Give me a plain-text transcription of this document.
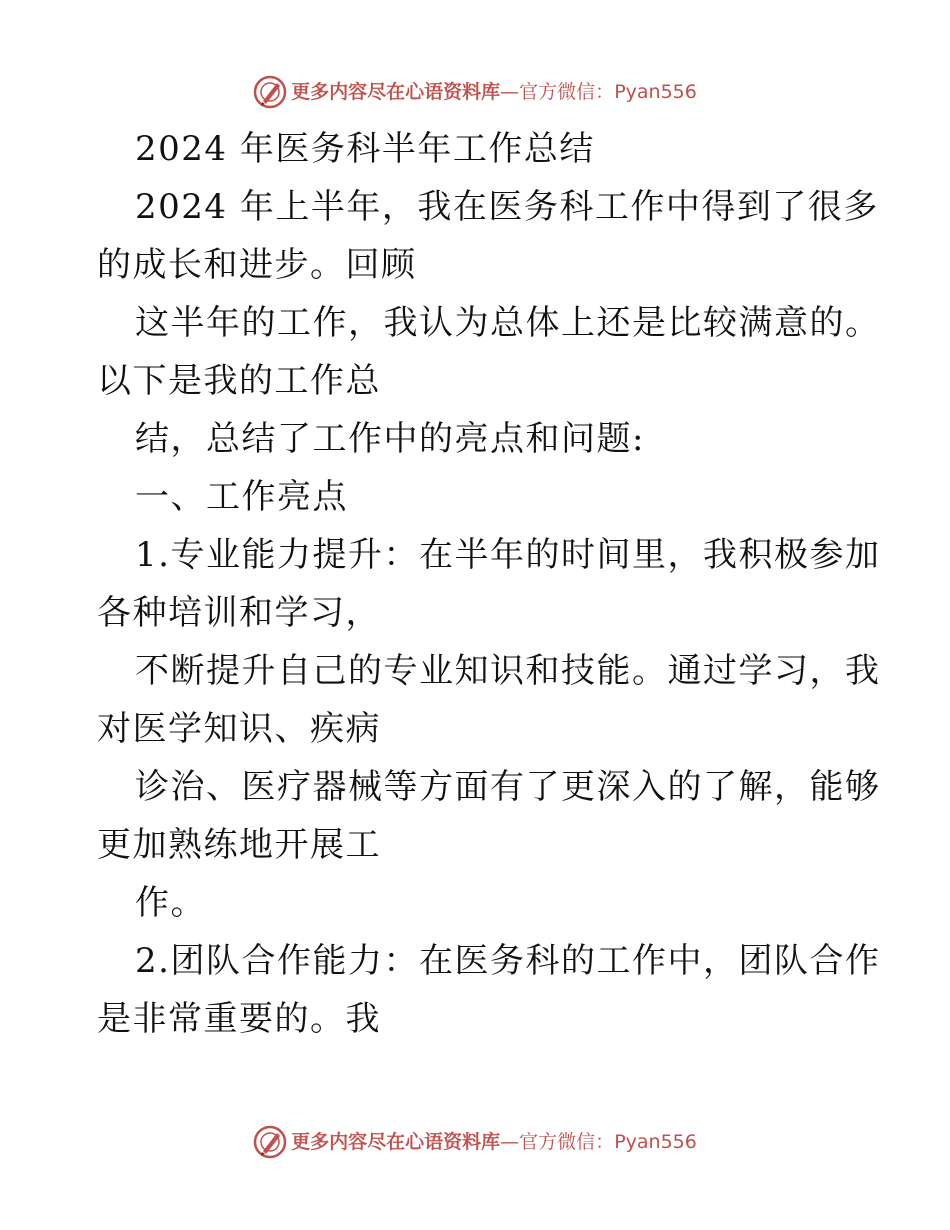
更多内容尽在心语资料库 — 官方微信： Pyan556
2024 年医务科半年工作总结
2024 年上半年，我在医务科工作中得到了很多
的成长和进步。回顾
这半年的工作，我认为总体上还是比较满意的。
以下是我的工作总
结，总结了工作中的亮点和问题:
一、工作亮点
1.专业能力提升：在半年的时间里，我积极参加
各种培训和学习，
不断提升自己的专业知识和技能。通过学习，我
对医学知识、疾病
诊治、医疗器械等方面有了更深入的了解，能够
更加熟练地开展工
作。
2.团队合作能力：在医务科的工作中，团队合作
是非常重要的。我
更多内容尽在心语资料库 — 官方微信： Pyan556
